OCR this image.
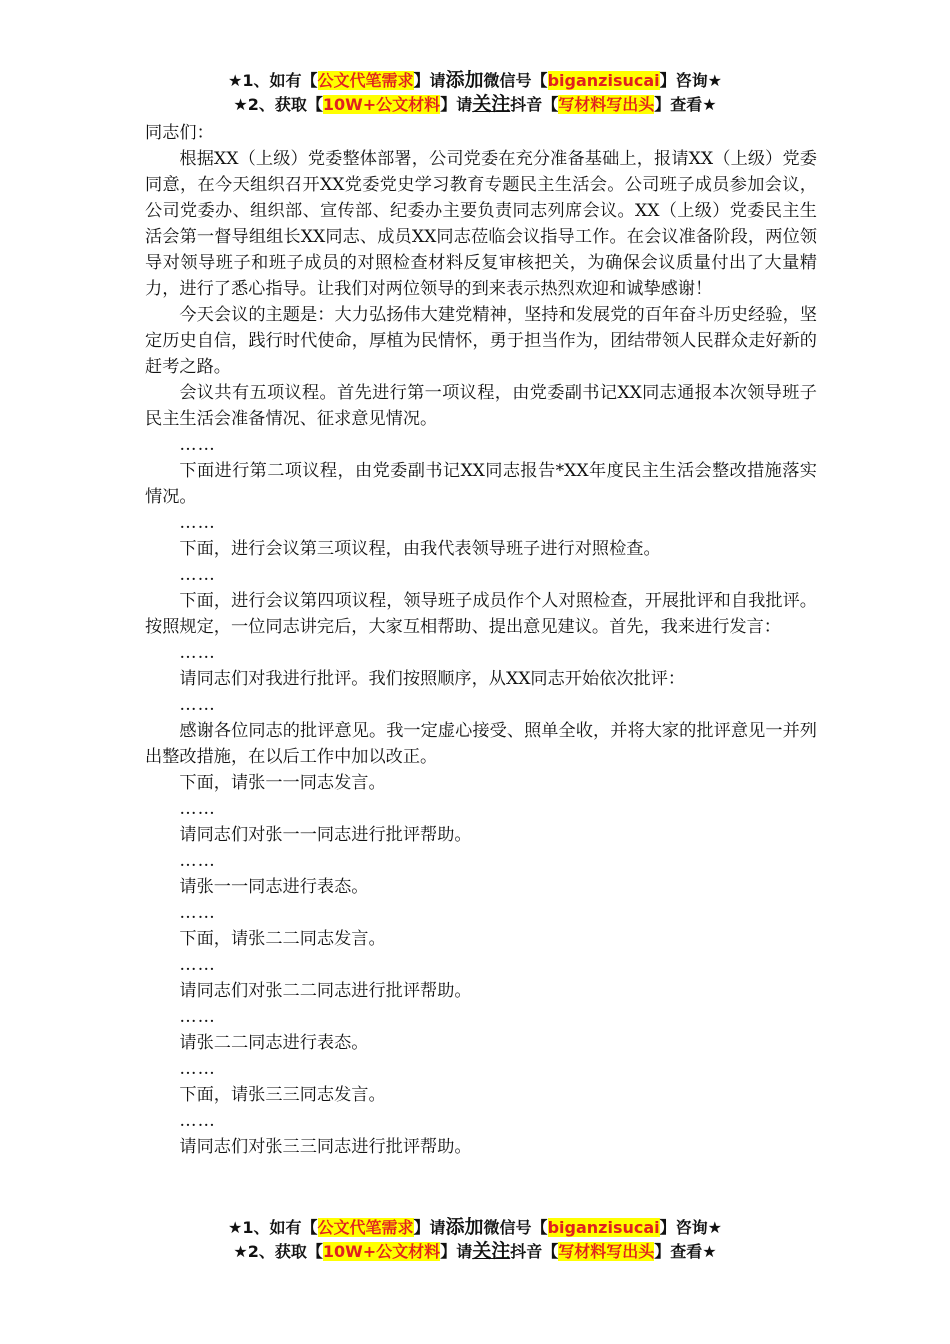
★1、如有【公文代笔需求】请添加微信号【biganzisucai】咨询★
★2、获取【10W+公文材料】请关注抖音【写材料写出头】查看★

同志们：

根据XX（上级）党委整体部署，公司党委在充分准备基础上，报请XX（上级）党委同意，在今天组织召开XX党委党史学习教育专题民主生活会。公司班子成员参加会议，公司党委办、组织部、宣传部、纪委办主要负责同志列席会议。XX（上级）党委民主生活会第一督导组组长XX同志、成员XX同志莅临会议指导工作。在会议准备阶段，两位领导对领导班子和班子成员的对照检查材料反复审核把关，为确保会议质量付出了大量精力，进行了悉心指导。让我们对两位领导的到来表示热烈欢迎和诚挚感谢！

今天会议的主题是：大力弘扬伟大建党精神，坚持和发展党的百年奋斗历史经验，坚定历史自信，践行时代使命，厚植为民情怀，勇于担当作为，团结带领人民群众走好新的赶考之路。

会议共有五项议程。首先进行第一项议程，由党委副书记XX同志通报本次领导班子民主生活会准备情况、征求意见情况。

……

下面进行第二项议程，由党委副书记XX同志报告*XX年度民主生活会整改措施落实情况。

……

下面，进行会议第三项议程，由我代表领导班子进行对照检查。

……

下面，进行会议第四项议程，领导班子成员作个人对照检查，开展批评和自我批评。按照规定，一位同志讲完后，大家互相帮助、提出意见建议。首先，我来进行发言：

……

请同志们对我进行批评。我们按照顺序，从XX同志开始依次批评：

……

感谢各位同志的批评意见。我一定虚心接受、照单全收，并将大家的批评意见一并列出整改措施，在以后工作中加以改正。

下面，请张一一同志发言。

……

请同志们对张一一同志进行批评帮助。

……

请张一一同志进行表态。

……

下面，请张二二同志发言。

……

请同志们对张二二同志进行批评帮助。

……

请张二二同志进行表态。

……

下面，请张三三同志发言。

……

请同志们对张三三同志进行批评帮助。

★1、如有【公文代笔需求】请添加微信号【biganzisucai】咨询★
★2、获取【10W+公文材料】请关注抖音【写材料写出头】查看★
